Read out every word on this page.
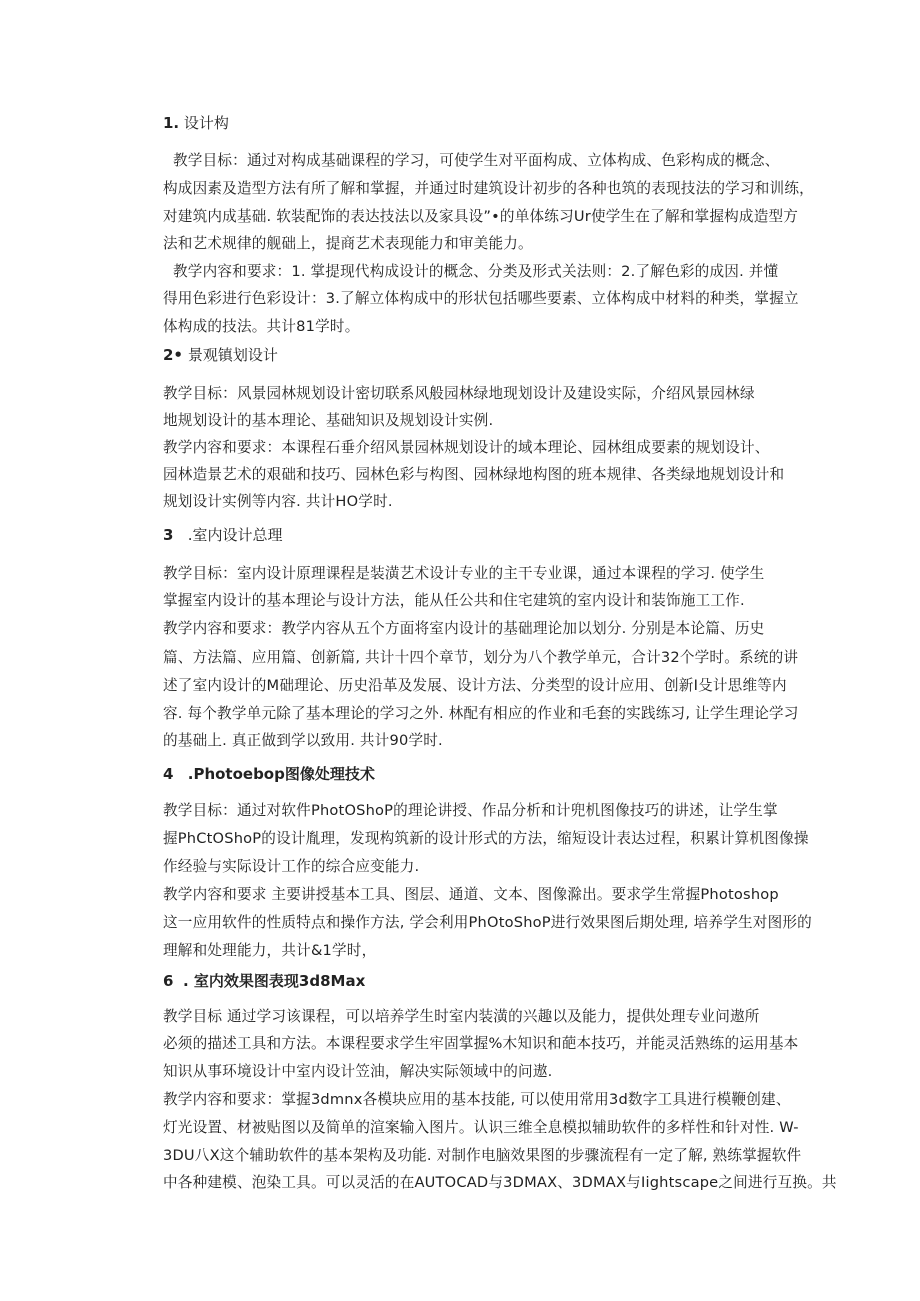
1. 设计构
教学目标：通过对构成基础课程的学习，可使学生对平面构成、立体构成、色彩构成的概念、
构成因素及造型方法有所了解和掌握，并通过时建筑设计初步的各种也筑的表现技法的学习和训练，
对建筑内成基础. 软装配饰的表达技法以及家具设”•的单体练习Ur使学生在了解和掌握构成造型方
法和艺术规律的舰础上，提商艺术表现能力和审美能力。
教学内容和要求：1. 掌提现代构成设计的概念、分类及形式关法则：2.了解色彩的成因. 并懂
得用色彩进行色彩设计：3.了解立体构成中的形状包括哪些要素、立体构成中材料的种类，掌握立
体构成的技法。共计81学时。
2• 景观镇划设计
教学目标：风景园林规划设计密切联系风般园林绿地现划设计及建设实际，介绍风景园林绿
地规划设计的基本理论、基础知识及规划设计实例.
教学内容和要求：本课程石垂介绍风景园林规划设计的域本理论、园林组成要素的规划设计、
园林造景艺术的艰础和技巧、园林色彩与构图、园林绿地构图的班本规律、各类绿地规划设计和
规划设计实例等内容. 共计HO学时.
3 .室内设计总理
教学目标：室内设计原理课程是装潢艺术设计专业的主干专业课，通过本课程的学习. 使学生
掌握室内设计的基本理论与设计方法，能从任公共和住宅建筑的室内设计和装饰施工工作.
教学内容和要求：教学内容从五个方面将室内设计的基础理论加以划分. 分别是本论篇、历史
篇、方法篇、应用篇、创新篇, 共计十四个章节，划分为八个教学单元，合计32个学时。系统的讲
述了室内设计的M础理论、历史沿革及发展、设计方法、分类型的设计应用、创新I殳计思维等内
容. 每个教学单元除了基本理论的学习之外. 林配有相应的作业和毛套的实践练习, 让学生理论学习
的基础上. 真正做到学以致用. 共计90学时.
4 .Photoebop图像处理技术
教学目标：通过对软件PhotOShoP的理论讲授、作品分析和计兜机图像技巧的讲述，让学生掌
握PhCtOShoP的设计胤理，发现构筑新的设计形式的方法，缩短设计表达过程，积累计算机图像操
作经验与实际设计工作的综合应变能力.
教学内容和要求 主要讲授基本工具、图层、通道、文本、图像滁出。要求学生常握Photoshop
这一应用软件的性质特点和操作方法, 学会利用PhOtoShoP进行效果图后期处理, 培养学生对图形的
理解和处理能力，共计&1学时，
6 . 室内效果图表现3d8Max
教学目标 通过学习该课程，可以培养学生时室内装潢的兴趣以及能力，提供处理专业问遨所
必须的描述工具和方法。本课程要求学生牢固掌握%木知识和葩本技巧，并能灵活熟练的运用基本
知识从事环境设计中室内设计笠油，解决实际领域中的问遨.
教学内容和要求：掌握3dmnx各模块应用的基本技能, 可以使用常用3d数字工具进行模鞭创建、
灯光设置、材被贴图以及简单的渲案输入图片。认识三维全息模拟辅助软件的多样性和针对性. W-
3DU八X这个辅助软件的基本架构及功能. 对制作电脑效果图的步骤流程有一定了解, 熟练掌握软件
中各种建模、泡染工具。可以灵活的在AUTOCAD与3DMAX、3DMAX与Iightscape之间进行互换。共
